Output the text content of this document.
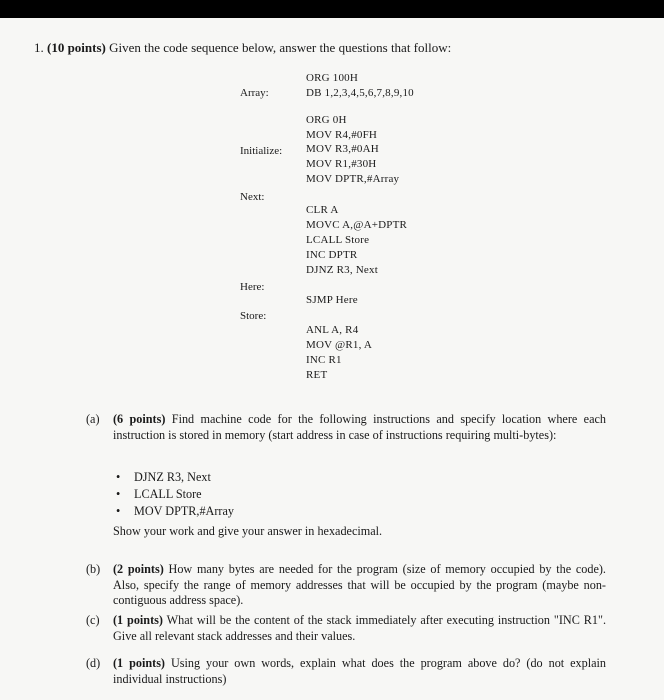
1. (10 points) Given the code sequence below, answer the questions that follow:
Array:
Initialize:
Next:
Here:
Store:
ORG 100H
DB 1,2,3,4,5,6,7,8,9,10
ORG 0H
MOV R4,#0FH
MOV R3,#0AH
MOV R1,#30H
MOV DPTR,#Array
CLR A
MOVC A,@A+DPTR
LCALL Store
INC DPTR
DJNZ R3, Next
SJMP Here
ANL A, R4
MOV @R1, A
INC R1
RET
(a) (6 points) Find machine code for the following instructions and specify location where each instruction is stored in memory (start address in case of instructions requiring multi-bytes):
• DJNZ R3, Next
• LCALL Store
• MOV DPTR,#Array
Show your work and give your answer in hexadecimal.
(b) (2 points) How many bytes are needed for the program (size of memory occupied by the code). Also, specify the range of memory addresses that will be occupied by the program (maybe non-contiguous address space).
(c) (1 points) What will be the content of the stack immediately after executing instruction "INC R1". Give all relevant stack addresses and their values.
(d) (1 points) Using your own words, explain what does the program above do? (do not explain individual instructions)
